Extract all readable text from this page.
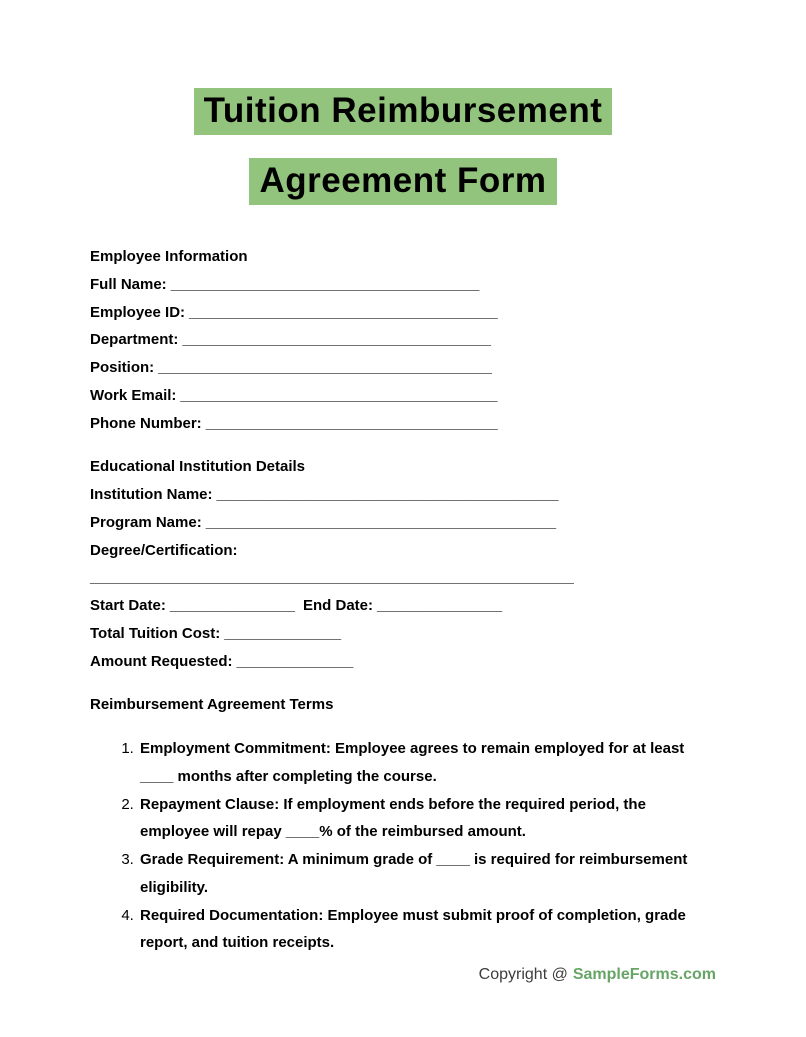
Tuition Reimbursement
Agreement Form
Employee Information
Full Name: _____________________________________
Employee ID: _____________________________________
Department: _____________________________________
Position: ________________________________________
Work Email: ______________________________________
Phone Number: ___________________________________
Educational Institution Details
Institution Name: _________________________________________
Program Name: __________________________________________
Degree/Certification:
__________________________________________________________
Start Date: _______________ End Date: _______________
Total Tuition Cost: ______________
Amount Requested: ______________
Reimbursement Agreement Terms
1. Employment Commitment: Employee agrees to remain employed for at least ____ months after completing the course.
2. Repayment Clause: If employment ends before the required period, the employee will repay ____% of the reimbursed amount.
3. Grade Requirement: A minimum grade of ____ is required for reimbursement eligibility.
4. Required Documentation: Employee must submit proof of completion, grade report, and tuition receipts.
Copyright @ SampleForms.com
